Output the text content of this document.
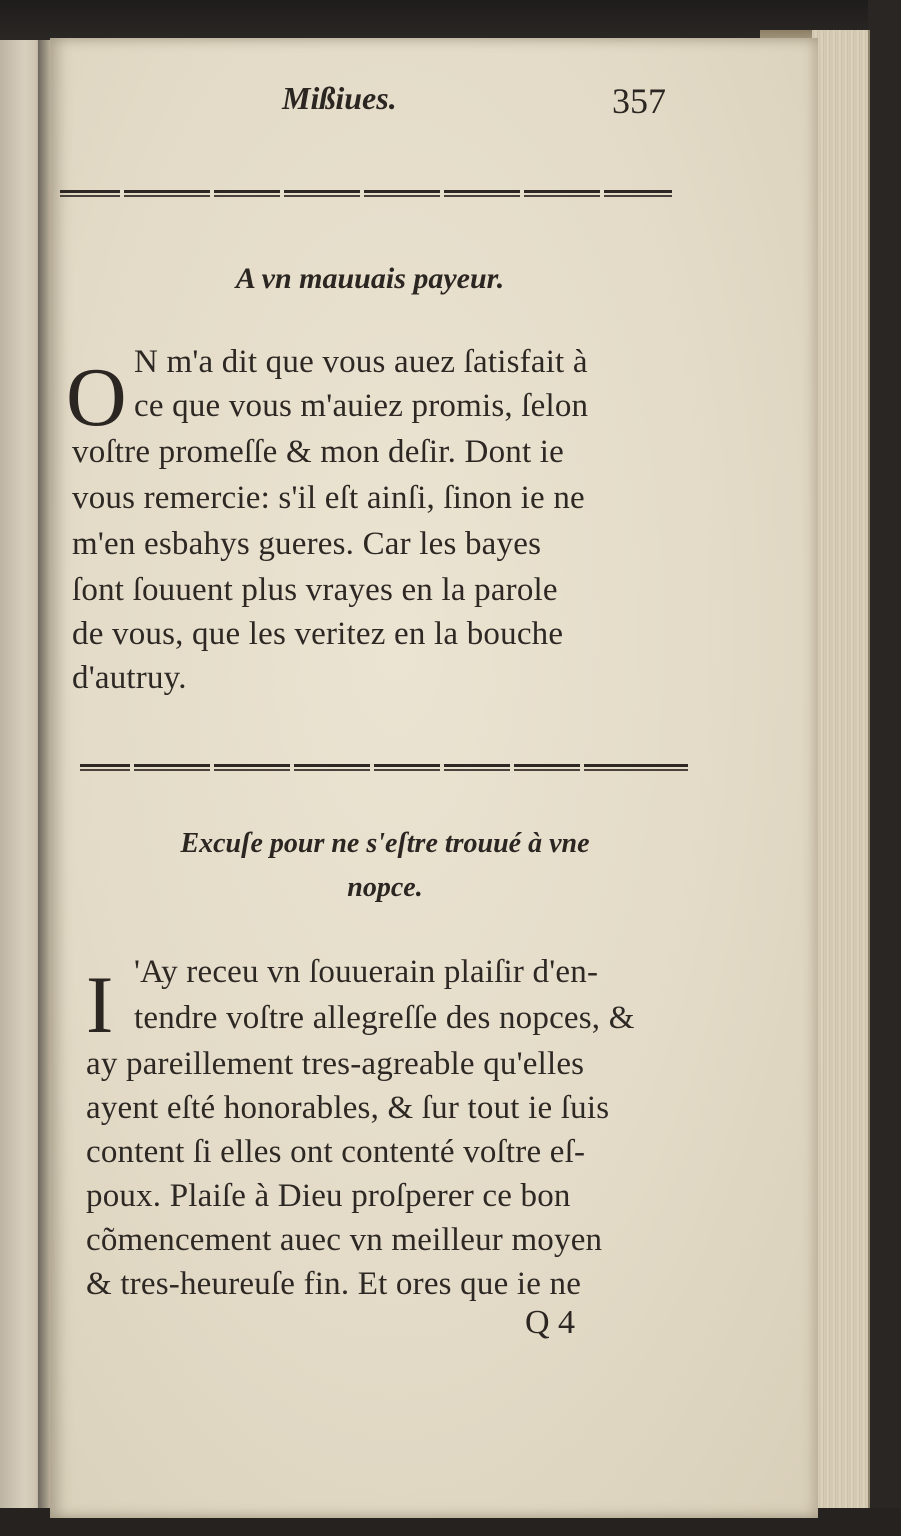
Mißiues.	357
A vn mauuais payeur.
O N m'a dit que vous auez ſatisfait à
ce que vous m'auiez promis, ſelon
voſtre promeſſe & mon deſir. Dont ie
vous remercie: s'il eſt ainſi, ſinon ie ne
m'en esbahys gueres. Car les bayes
ſont ſouuent plus vrayes en la parole
de vous, que les veritez en la bouche
d'autruy.
Excuſe pour ne s'eſtre trouué à vne
nopce.
I 'Ay receu vn ſouuerain plaiſir d'en-
tendre voſtre allegreſſe des nopces, &
ay pareillement tres-agreable qu'elles
ayent eſté honorables, & ſur tout ie ſuis
content ſi elles ont contenté voſtre eſ-
poux. Plaiſe à Dieu proſperer ce bon
cõmencement auec vn meilleur moyen
& tres-heureuſe fin. Et ores que ie ne
Q 4
